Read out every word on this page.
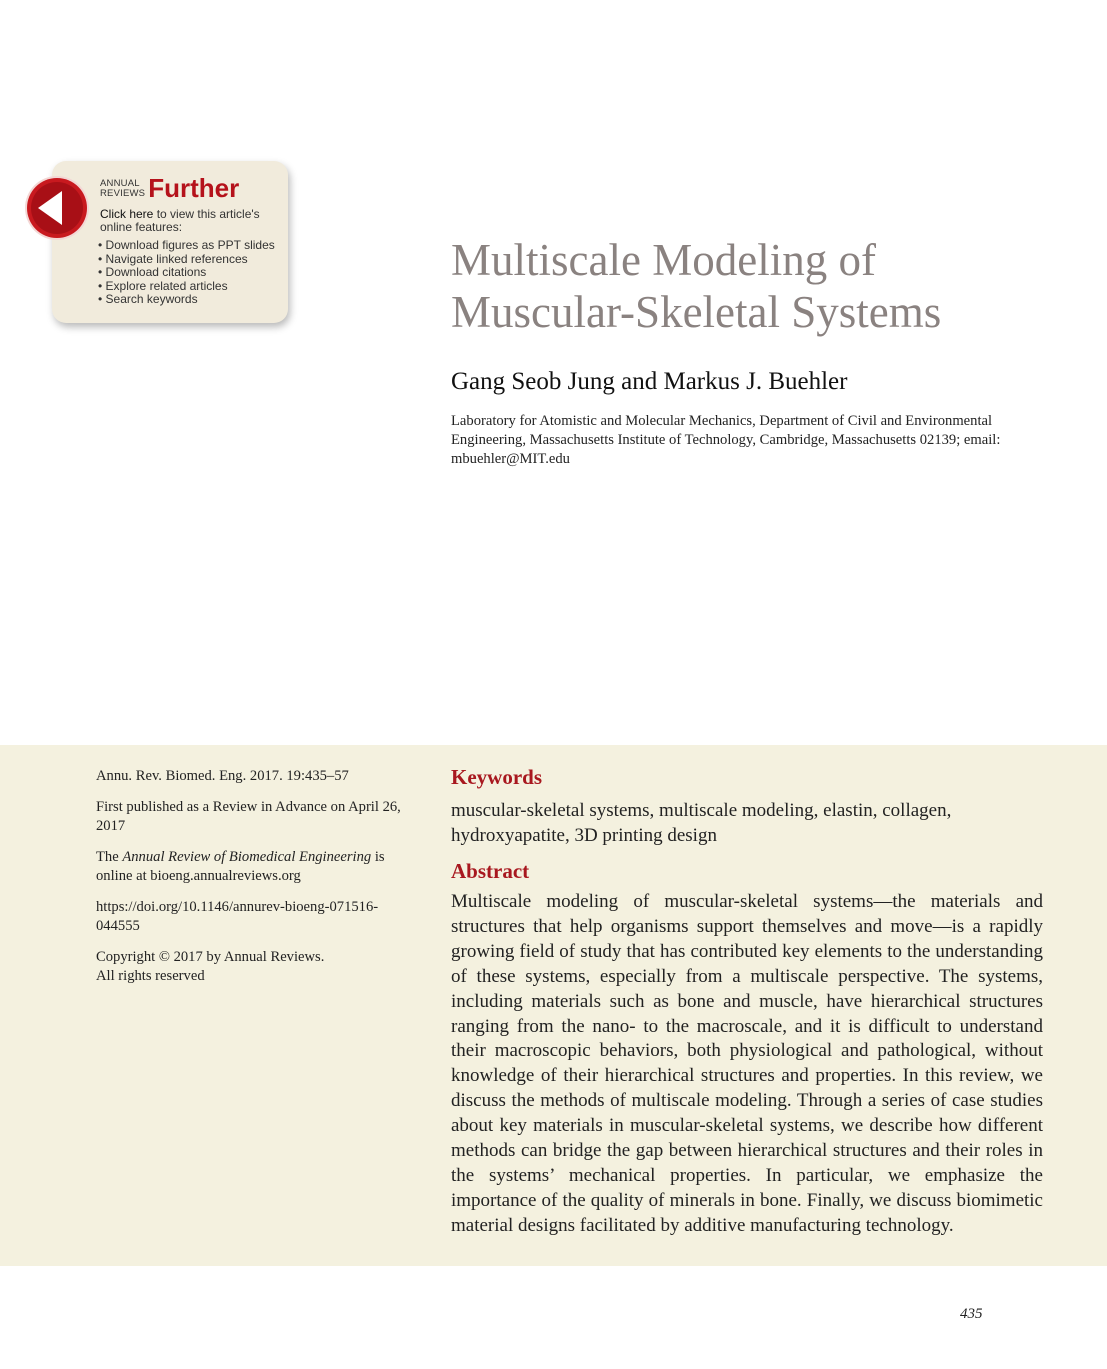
ANNUAL
REVIEWS Further
Click here to view this article's online features:
• Download figures as PPT slides
• Navigate linked references
• Download citations
• Explore related articles
• Search keywords
Multiscale Modeling of
Muscular-Skeletal Systems
Gang Seob Jung and Markus J. Buehler

Laboratory for Atomistic and Molecular Mechanics, Department of Civil and Environmental Engineering, Massachusetts Institute of Technology, Cambridge, Massachusetts 02139; email: mbuehler@MIT.edu

Annu. Rev. Biomed. Eng. 2017. 19:435–57

First published as a Review in Advance on April 26, 2017

The Annual Review of Biomedical Engineering is online at bioeng.annualreviews.org

https://doi.org/10.1146/annurev-bioeng-071516-044555

Copyright © 2017 by Annual Reviews.
All rights reserved

Keywords

muscular-skeletal systems, multiscale modeling, elastin, collagen, hydroxyapatite, 3D printing design

Abstract

Multiscale modeling of muscular-skeletal systems—the materials and structures that help organisms support themselves and move—is a rapidly growing field of study that has contributed key elements to the understanding of these systems, especially from a multiscale perspective. The systems, including materials such as bone and muscle, have hierarchical structures ranging from the nano- to the macroscale, and it is difficult to understand their macroscopic behaviors, both physiological and pathological, without knowledge of their hierarchical structures and properties. In this review, we discuss the methods of multiscale modeling. Through a series of case studies about key materials in muscular-skeletal systems, we describe how different methods can bridge the gap between hierarchical structures and their roles in the systems’ mechanical properties. In particular, we emphasize the importance of the quality of minerals in bone. Finally, we discuss biomimetic material designs facilitated by additive manufacturing technology.

435
